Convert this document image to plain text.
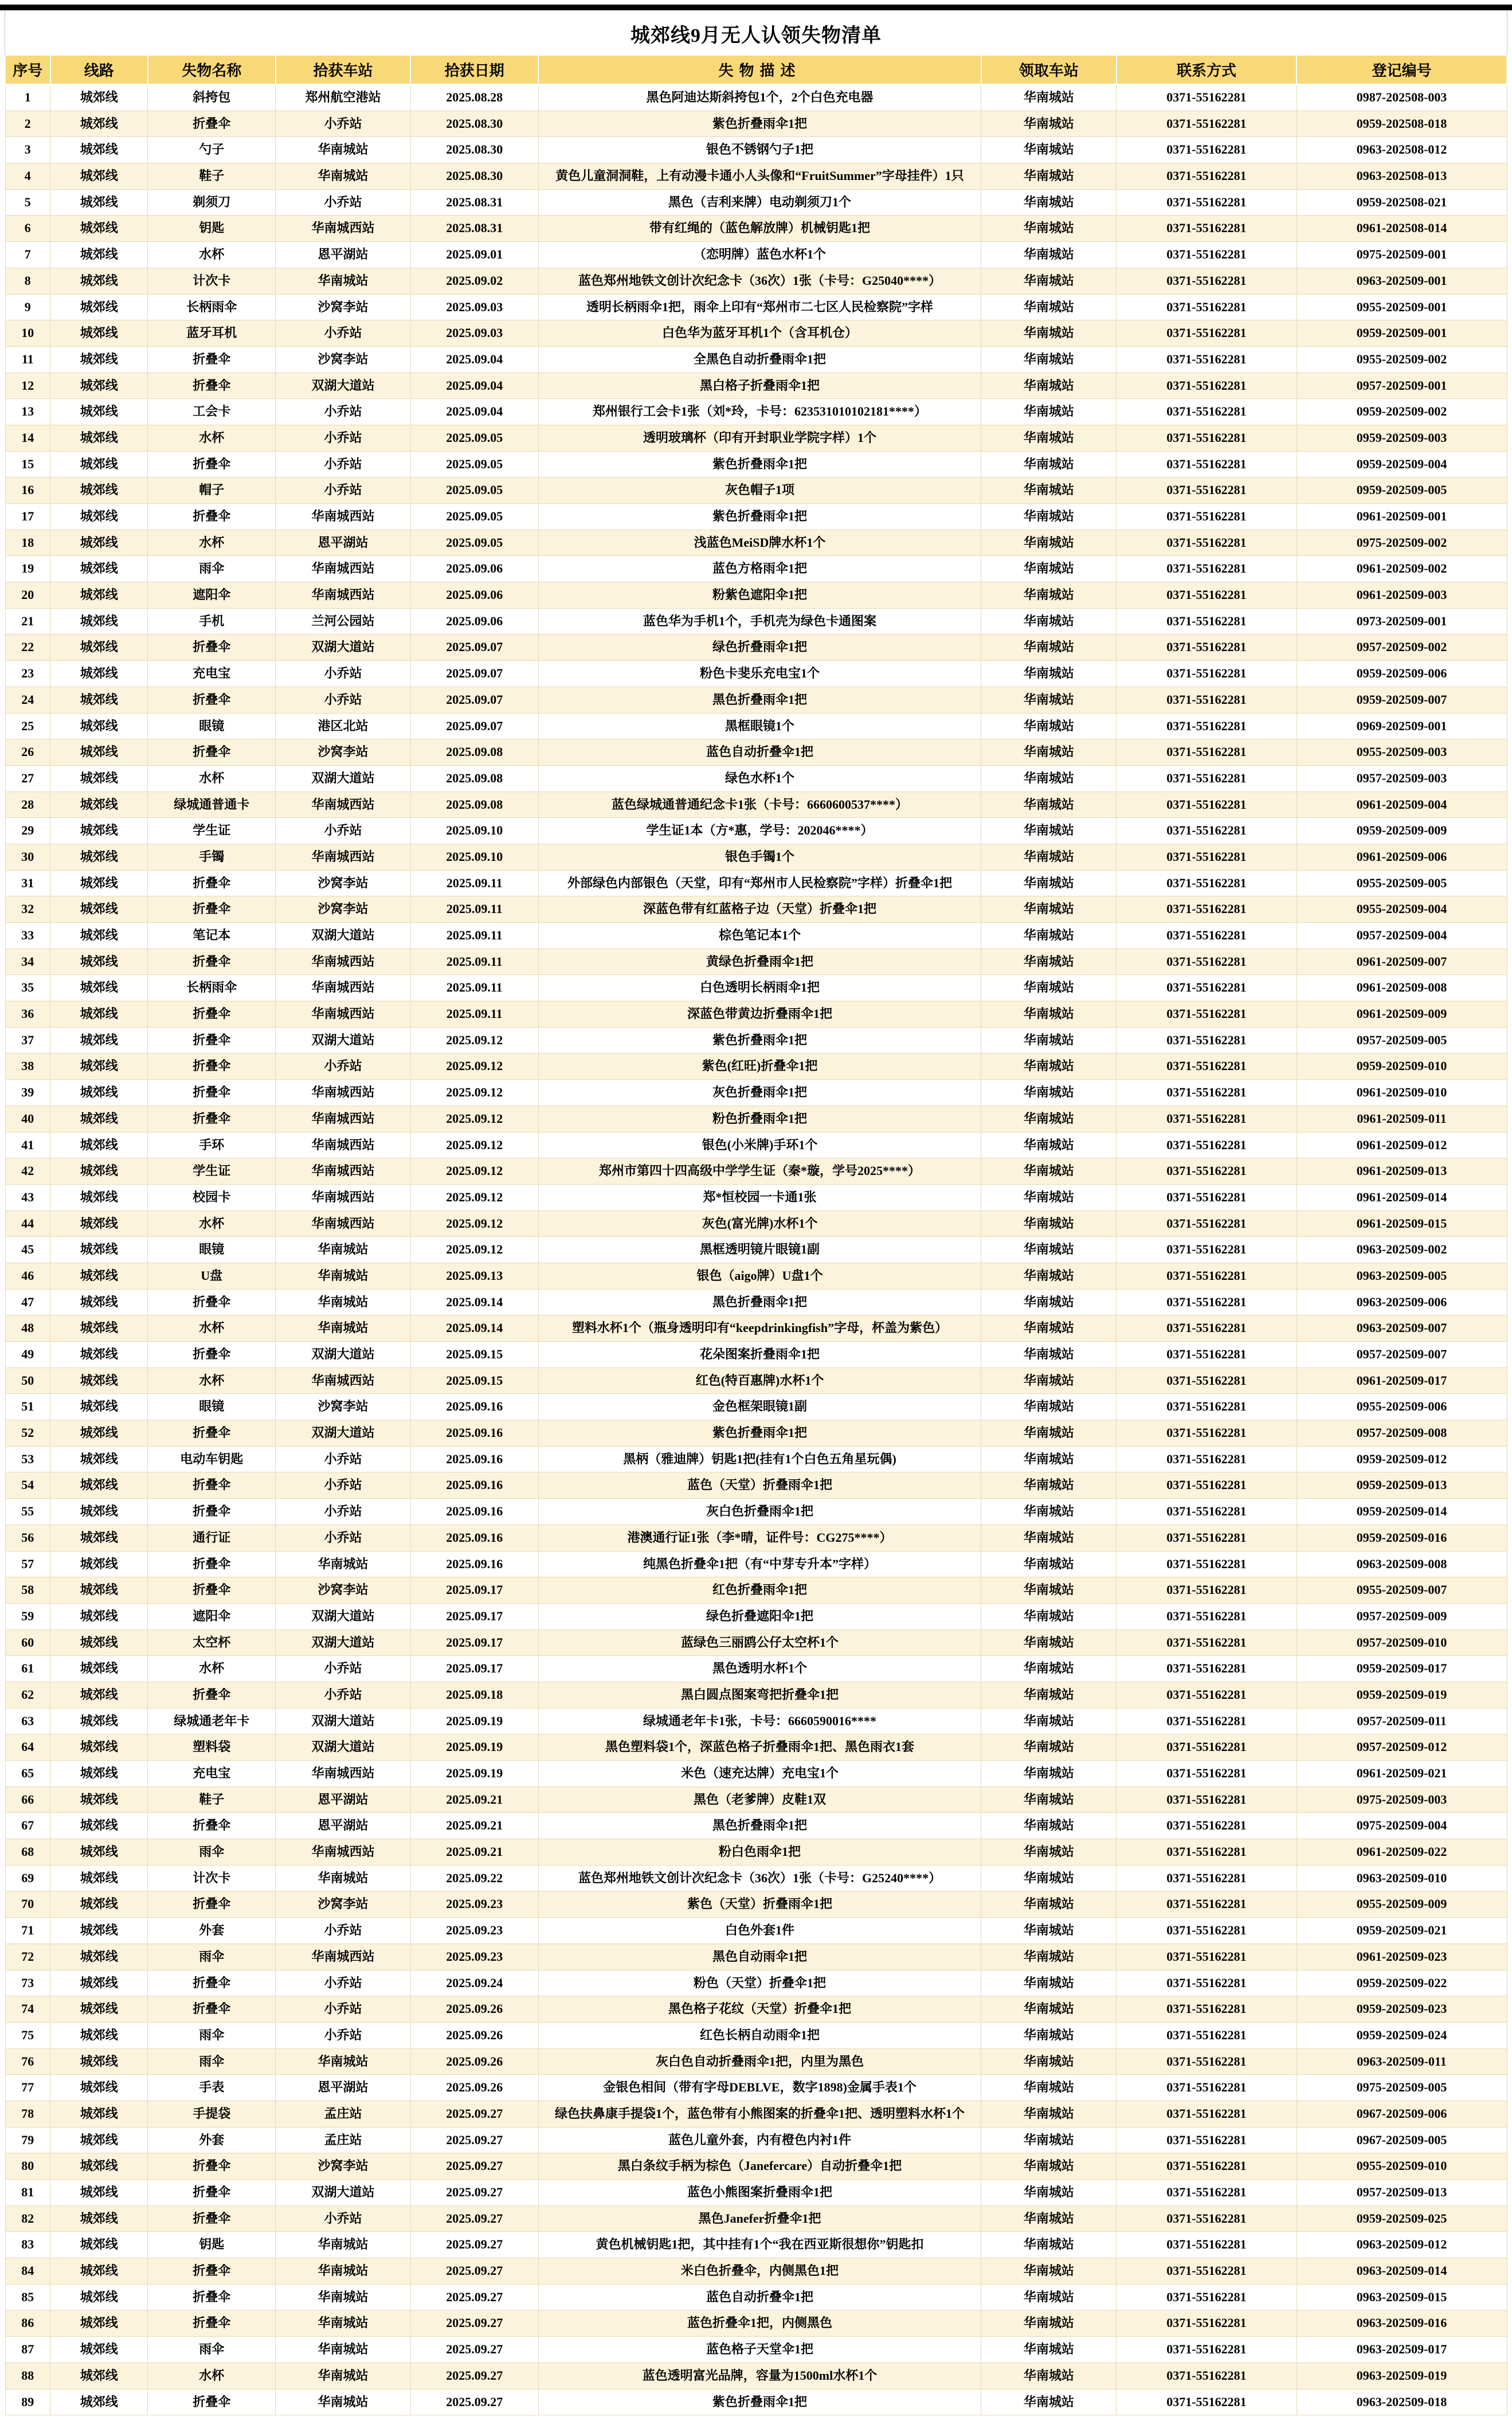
城郊线9月无人认领失物清单
序号	线路	失物名称	拾获车站	拾获日期	失物描述	领取车站	联系方式	登记编号
1	城郊线	斜挎包	郑州航空港站	2025.08.28	黑色阿迪达斯斜挎包1个，2个白色充电器	华南城站	0371-55162281	0987-202508-003
2	城郊线	折叠伞	小乔站	2025.08.30	紫色折叠雨伞1把	华南城站	0371-55162281	0959-202508-018
3	城郊线	勺子	华南城站	2025.08.30	银色不锈钢勺子1把	华南城站	0371-55162281	0963-202508-012
4	城郊线	鞋子	华南城站	2025.08.30	黄色儿童洞洞鞋，上有动漫卡通小人头像和“FruitSummer”字母挂件）1只	华南城站	0371-55162281	0963-202508-013
5	城郊线	剃须刀	小乔站	2025.08.31	黑色（吉利来牌）电动剃须刀1个	华南城站	0371-55162281	0959-202508-021
6	城郊线	钥匙	华南城西站	2025.08.31	带有红绳的（蓝色解放牌）机械钥匙1把	华南城站	0371-55162281	0961-202508-014
7	城郊线	水杯	恩平湖站	2025.09.01	（恋明牌）蓝色水杯1个	华南城站	0371-55162281	0975-202509-001
8	城郊线	计次卡	华南城站	2025.09.02	蓝色郑州地铁文创计次纪念卡（36次）1张（卡号：G25040****）	华南城站	0371-55162281	0963-202509-001
9	城郊线	长柄雨伞	沙窝李站	2025.09.03	透明长柄雨伞1把，雨伞上印有“郑州市二七区人民检察院”字样	华南城站	0371-55162281	0955-202509-001
10	城郊线	蓝牙耳机	小乔站	2025.09.03	白色华为蓝牙耳机1个（含耳机仓）	华南城站	0371-55162281	0959-202509-001
11	城郊线	折叠伞	沙窝李站	2025.09.04	全黑色自动折叠雨伞1把	华南城站	0371-55162281	0955-202509-002
12	城郊线	折叠伞	双湖大道站	2025.09.04	黑白格子折叠雨伞1把	华南城站	0371-55162281	0957-202509-001
13	城郊线	工会卡	小乔站	2025.09.04	郑州银行工会卡1张（刘*玲，卡号：623531010102181****）	华南城站	0371-55162281	0959-202509-002
14	城郊线	水杯	小乔站	2025.09.05	透明玻璃杯（印有开封职业学院字样）1个	华南城站	0371-55162281	0959-202509-003
15	城郊线	折叠伞	小乔站	2025.09.05	紫色折叠雨伞1把	华南城站	0371-55162281	0959-202509-004
16	城郊线	帽子	小乔站	2025.09.05	灰色帽子1项	华南城站	0371-55162281	0959-202509-005
17	城郊线	折叠伞	华南城西站	2025.09.05	紫色折叠雨伞1把	华南城站	0371-55162281	0961-202509-001
18	城郊线	水杯	恩平湖站	2025.09.05	浅蓝色MeiSD牌水杯1个	华南城站	0371-55162281	0975-202509-002
19	城郊线	雨伞	华南城西站	2025.09.06	蓝色方格雨伞1把	华南城站	0371-55162281	0961-202509-002
20	城郊线	遮阳伞	华南城西站	2025.09.06	粉紫色遮阳伞1把	华南城站	0371-55162281	0961-202509-003
21	城郊线	手机	兰河公园站	2025.09.06	蓝色华为手机1个，手机壳为绿色卡通图案	华南城站	0371-55162281	0973-202509-001
22	城郊线	折叠伞	双湖大道站	2025.09.07	绿色折叠雨伞1把	华南城站	0371-55162281	0957-202509-002
23	城郊线	充电宝	小乔站	2025.09.07	粉色卡斐乐充电宝1个	华南城站	0371-55162281	0959-202509-006
24	城郊线	折叠伞	小乔站	2025.09.07	黑色折叠雨伞1把	华南城站	0371-55162281	0959-202509-007
25	城郊线	眼镜	港区北站	2025.09.07	黑框眼镜1个	华南城站	0371-55162281	0969-202509-001
26	城郊线	折叠伞	沙窝李站	2025.09.08	蓝色自动折叠伞1把	华南城站	0371-55162281	0955-202509-003
27	城郊线	水杯	双湖大道站	2025.09.08	绿色水杯1个	华南城站	0371-55162281	0957-202509-003
28	城郊线	绿城通普通卡	华南城西站	2025.09.08	蓝色绿城通普通纪念卡1张（卡号：6660600537****）	华南城站	0371-55162281	0961-202509-004
29	城郊线	学生证	小乔站	2025.09.10	学生证1本（方*惠，学号：202046****）	华南城站	0371-55162281	0959-202509-009
30	城郊线	手镯	华南城西站	2025.09.10	银色手镯1个	华南城站	0371-55162281	0961-202509-006
31	城郊线	折叠伞	沙窝李站	2025.09.11	外部绿色内部银色（天堂，印有“郑州市人民检察院”字样）折叠伞1把	华南城站	0371-55162281	0955-202509-005
32	城郊线	折叠伞	沙窝李站	2025.09.11	深蓝色带有红蓝格子边（天堂）折叠伞1把	华南城站	0371-55162281	0955-202509-004
33	城郊线	笔记本	双湖大道站	2025.09.11	棕色笔记本1个	华南城站	0371-55162281	0957-202509-004
34	城郊线	折叠伞	华南城西站	2025.09.11	黄绿色折叠雨伞1把	华南城站	0371-55162281	0961-202509-007
35	城郊线	长柄雨伞	华南城西站	2025.09.11	白色透明长柄雨伞1把	华南城站	0371-55162281	0961-202509-008
36	城郊线	折叠伞	华南城西站	2025.09.11	深蓝色带黄边折叠雨伞1把	华南城站	0371-55162281	0961-202509-009
37	城郊线	折叠伞	双湖大道站	2025.09.12	紫色折叠雨伞1把	华南城站	0371-55162281	0957-202509-005
38	城郊线	折叠伞	小乔站	2025.09.12	紫色(红旺)折叠伞1把	华南城站	0371-55162281	0959-202509-010
39	城郊线	折叠伞	华南城西站	2025.09.12	灰色折叠雨伞1把	华南城站	0371-55162281	0961-202509-010
40	城郊线	折叠伞	华南城西站	2025.09.12	粉色折叠雨伞1把	华南城站	0371-55162281	0961-202509-011
41	城郊线	手环	华南城西站	2025.09.12	银色(小米牌)手环1个	华南城站	0371-55162281	0961-202509-012
42	城郊线	学生证	华南城西站	2025.09.12	郑州市第四十四高级中学学生证（秦*璇，学号2025****）	华南城站	0371-55162281	0961-202509-013
43	城郊线	校园卡	华南城西站	2025.09.12	郑*恒校园一卡通1张	华南城站	0371-55162281	0961-202509-014
44	城郊线	水杯	华南城西站	2025.09.12	灰色(富光牌)水杯1个	华南城站	0371-55162281	0961-202509-015
45	城郊线	眼镜	华南城站	2025.09.12	黑框透明镜片眼镜1副	华南城站	0371-55162281	0963-202509-002
46	城郊线	U盘	华南城站	2025.09.13	银色（aigo牌）U盘1个	华南城站	0371-55162281	0963-202509-005
47	城郊线	折叠伞	华南城站	2025.09.14	黑色折叠雨伞1把	华南城站	0371-55162281	0963-202509-006
48	城郊线	水杯	华南城站	2025.09.14	塑料水杯1个（瓶身透明印有“keepdrinkingfish”字母，杯盖为紫色）	华南城站	0371-55162281	0963-202509-007
49	城郊线	折叠伞	双湖大道站	2025.09.15	花朵图案折叠雨伞1把	华南城站	0371-55162281	0957-202509-007
50	城郊线	水杯	华南城西站	2025.09.15	红色(特百惠牌)水杯1个	华南城站	0371-55162281	0961-202509-017
51	城郊线	眼镜	沙窝李站	2025.09.16	金色框架眼镜1副	华南城站	0371-55162281	0955-202509-006
52	城郊线	折叠伞	双湖大道站	2025.09.16	紫色折叠雨伞1把	华南城站	0371-55162281	0957-202509-008
53	城郊线	电动车钥匙	小乔站	2025.09.16	黑柄（雅迪牌）钥匙1把(挂有1个白色五角星玩偶)	华南城站	0371-55162281	0959-202509-012
54	城郊线	折叠伞	小乔站	2025.09.16	蓝色（天堂）折叠雨伞1把	华南城站	0371-55162281	0959-202509-013
55	城郊线	折叠伞	小乔站	2025.09.16	灰白色折叠雨伞1把	华南城站	0371-55162281	0959-202509-014
56	城郊线	通行证	小乔站	2025.09.16	港澳通行证1张（李*晴，证件号：CG275****）	华南城站	0371-55162281	0959-202509-016
57	城郊线	折叠伞	华南城站	2025.09.16	纯黑色折叠伞1把（有“中芽专升本”字样）	华南城站	0371-55162281	0963-202509-008
58	城郊线	折叠伞	沙窝李站	2025.09.17	红色折叠雨伞1把	华南城站	0371-55162281	0955-202509-007
59	城郊线	遮阳伞	双湖大道站	2025.09.17	绿色折叠遮阳伞1把	华南城站	0371-55162281	0957-202509-009
60	城郊线	太空杯	双湖大道站	2025.09.17	蓝绿色三丽鸥公仔太空杯1个	华南城站	0371-55162281	0957-202509-010
61	城郊线	水杯	小乔站	2025.09.17	黑色透明水杯1个	华南城站	0371-55162281	0959-202509-017
62	城郊线	折叠伞	小乔站	2025.09.18	黑白圆点图案弯把折叠伞1把	华南城站	0371-55162281	0959-202509-019
63	城郊线	绿城通老年卡	双湖大道站	2025.09.19	绿城通老年卡1张，卡号：6660590016****	华南城站	0371-55162281	0957-202509-011
64	城郊线	塑料袋	双湖大道站	2025.09.19	黑色塑料袋1个，深蓝色格子折叠雨伞1把、黑色雨衣1套	华南城站	0371-55162281	0957-202509-012
65	城郊线	充电宝	华南城西站	2025.09.19	米色（速充达牌）充电宝1个	华南城站	0371-55162281	0961-202509-021
66	城郊线	鞋子	恩平湖站	2025.09.21	黑色（老爹牌）皮鞋1双	华南城站	0371-55162281	0975-202509-003
67	城郊线	折叠伞	恩平湖站	2025.09.21	黑色折叠雨伞1把	华南城站	0371-55162281	0975-202509-004
68	城郊线	雨伞	华南城西站	2025.09.21	粉白色雨伞1把	华南城站	0371-55162281	0961-202509-022
69	城郊线	计次卡	华南城站	2025.09.22	蓝色郑州地铁文创计次纪念卡（36次）1张（卡号：G25240****）	华南城站	0371-55162281	0963-202509-010
70	城郊线	折叠伞	沙窝李站	2025.09.23	紫色（天堂）折叠雨伞1把	华南城站	0371-55162281	0955-202509-009
71	城郊线	外套	小乔站	2025.09.23	白色外套1件	华南城站	0371-55162281	0959-202509-021
72	城郊线	雨伞	华南城西站	2025.09.23	黑色自动雨伞1把	华南城站	0371-55162281	0961-202509-023
73	城郊线	折叠伞	小乔站	2025.09.24	粉色（天堂）折叠伞1把	华南城站	0371-55162281	0959-202509-022
74	城郊线	折叠伞	小乔站	2025.09.26	黑色格子花纹（天堂）折叠伞1把	华南城站	0371-55162281	0959-202509-023
75	城郊线	雨伞	小乔站	2025.09.26	红色长柄自动雨伞1把	华南城站	0371-55162281	0959-202509-024
76	城郊线	雨伞	华南城站	2025.09.26	灰白色自动折叠雨伞1把，内里为黑色	华南城站	0371-55162281	0963-202509-011
77	城郊线	手表	恩平湖站	2025.09.26	金银色相间（带有字母DEBLVE，数字1898)金属手表1个	华南城站	0371-55162281	0975-202509-005
78	城郊线	手提袋	孟庄站	2025.09.27	绿色扶鼻康手提袋1个，蓝色带有小熊图案的折叠伞1把、透明塑料水杯1个	华南城站	0371-55162281	0967-202509-006
79	城郊线	外套	孟庄站	2025.09.27	蓝色儿童外套，内有橙色内衬1件	华南城站	0371-55162281	0967-202509-005
80	城郊线	折叠伞	沙窝李站	2025.09.27	黑白条纹手柄为棕色（Janefercare）自动折叠伞1把	华南城站	0371-55162281	0955-202509-010
81	城郊线	折叠伞	双湖大道站	2025.09.27	蓝色小熊图案折叠雨伞1把	华南城站	0371-55162281	0957-202509-013
82	城郊线	折叠伞	小乔站	2025.09.27	黑色Janefer折叠伞1把	华南城站	0371-55162281	0959-202509-025
83	城郊线	钥匙	华南城站	2025.09.27	黄色机械钥匙1把，其中挂有1个“我在西亚斯很想你”钥匙扣	华南城站	0371-55162281	0963-202509-012
84	城郊线	折叠伞	华南城站	2025.09.27	米白色折叠伞，内侧黑色1把	华南城站	0371-55162281	0963-202509-014
85	城郊线	折叠伞	华南城站	2025.09.27	蓝色自动折叠伞1把	华南城站	0371-55162281	0963-202509-015
86	城郊线	折叠伞	华南城站	2025.09.27	蓝色折叠伞1把，内侧黑色	华南城站	0371-55162281	0963-202509-016
87	城郊线	雨伞	华南城站	2025.09.27	蓝色格子天堂伞1把	华南城站	0371-55162281	0963-202509-017
88	城郊线	水杯	华南城站	2025.09.27	蓝色透明富光品牌，容量为1500ml水杯1个	华南城站	0371-55162281	0963-202509-019
89	城郊线	折叠伞	华南城站	2025.09.27	紫色折叠雨伞1把	华南城站	0371-55162281	0963-202509-018
